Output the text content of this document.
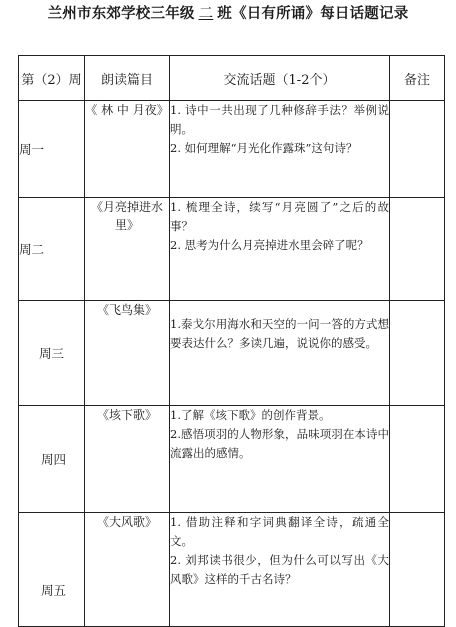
兰州市东郊学校三年级 二 班《日有所诵》每日话题记录
第（2）周	朗读篇目	交流话题（1-2个）	备注
周一	《 林 中 月夜》	1. 诗中一共出现了几种修辞手法？举例说明。
2. 如何理解“月光化作露珠”这句诗？	

周二	《月亮掉进水里》	1. 梳理全诗，续写“月亮圆了”之后的故事？
2. 思考为什么月亮掉进水里会碎了呢？	

周三	《飞鸟集》	1.泰戈尔用海水和天空的一问一答的方式想要表达什么？多读几遍，说说你的感受。	

周四	《垓下歌》	1.了解《垓下歌》的创作背景。
2.感悟项羽的人物形象，品味项羽在本诗中流露出的感情。	

周五	《大风歌》	1. 借助注释和字词典翻译全诗，疏通全文。
2. 刘邦读书很少，但为什么可以写出《大风歌》这样的千古名诗？	
